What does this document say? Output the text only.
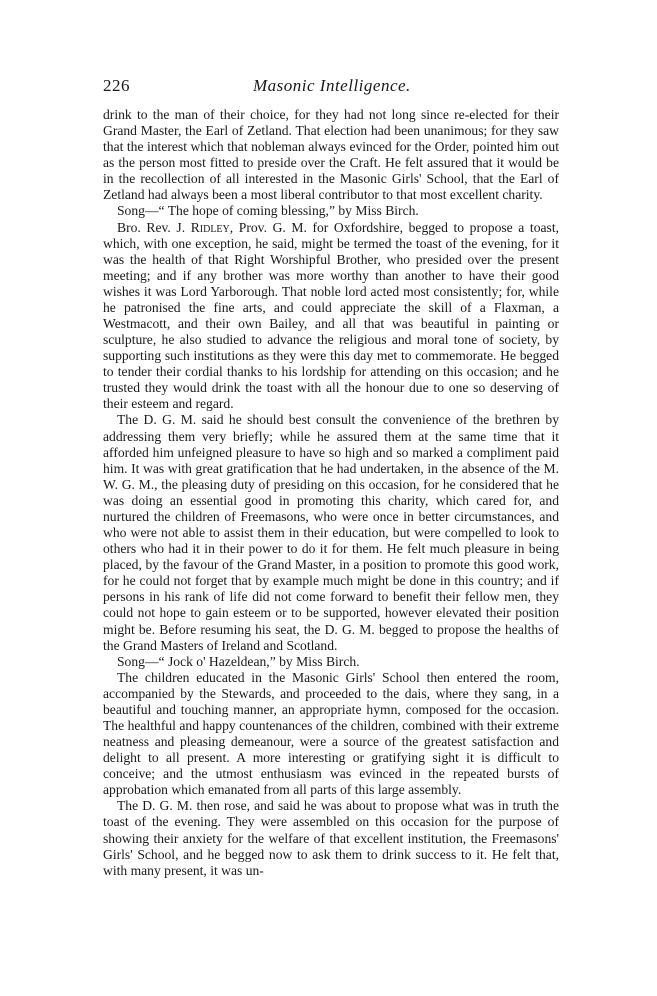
226	Masonic Intelligence.

drink to the man of their choice, for they had not long since re-elected for their Grand Master, the Earl of Zetland. That election had been unanimous; for they saw that the interest which that nobleman always evinced for the Order, pointed him out as the person most fitted to preside over the Craft. He felt assured that it would be in the recollection of all interested in the Masonic Girls' School, that the Earl of Zetland had always been a most liberal contributor to that most excellent charity.

Song—“ The hope of coming blessing,” by Miss Birch.

Bro. Rev. J. Ridley, Prov. G. M. for Oxfordshire, begged to propose a toast, which, with one exception, he said, might be termed the toast of the evening, for it was the health of that Right Worshipful Brother, who presided over the present meeting; and if any brother was more worthy than another to have their good wishes it was Lord Yarborough. That noble lord acted most consistently; for, while he patronised the fine arts, and could appreciate the skill of a Flaxman, a Westmacott, and their own Bailey, and all that was beautiful in painting or sculpture, he also studied to advance the religious and moral tone of society, by supporting such institutions as they were this day met to commemorate. He begged to tender their cordial thanks to his lordship for attending on this occasion; and he trusted they would drink the toast with all the honour due to one so deserving of their esteem and regard.

The D. G. M. said he should best consult the convenience of the brethren by addressing them very briefly; while he assured them at the same time that it afforded him unfeigned pleasure to have so high and so marked a compliment paid him. It was with great gratification that he had undertaken, in the absence of the M. W. G. M., the pleasing duty of presiding on this occasion, for he considered that he was doing an essential good in promoting this charity, which cared for, and nurtured the children of Freemasons, who were once in better circumstances, and who were not able to assist them in their education, but were compelled to look to others who had it in their power to do it for them. He felt much pleasure in being placed, by the favour of the Grand Master, in a position to promote this good work, for he could not forget that by example much might be done in this country; and if persons in his rank of life did not come forward to benefit their fellow men, they could not hope to gain esteem or to be supported, however elevated their position might be. Before resuming his seat, the D. G. M. begged to propose the healths of the Grand Masters of Ireland and Scotland.

Song—“ Jock o' Hazeldean,” by Miss Birch.

The children educated in the Masonic Girls' School then entered the room, accompanied by the Stewards, and proceeded to the dais, where they sang, in a beautiful and touching manner, an appropriate hymn, composed for the occasion. The healthful and happy countenances of the children, combined with their extreme neatness and pleasing demeanour, were a source of the greatest satisfaction and delight to all present. A more interesting or gratifying sight it is difficult to conceive; and the utmost enthusiasm was evinced in the repeated bursts of approbation which emanated from all parts of this large assembly.

The D. G. M. then rose, and said he was about to propose what was in truth the toast of the evening. They were assembled on this occasion for the purpose of showing their anxiety for the welfare of that excellent institution, the Freemasons' Girls' School, and he begged now to ask them to drink success to it. He felt that, with many present, it was un-
